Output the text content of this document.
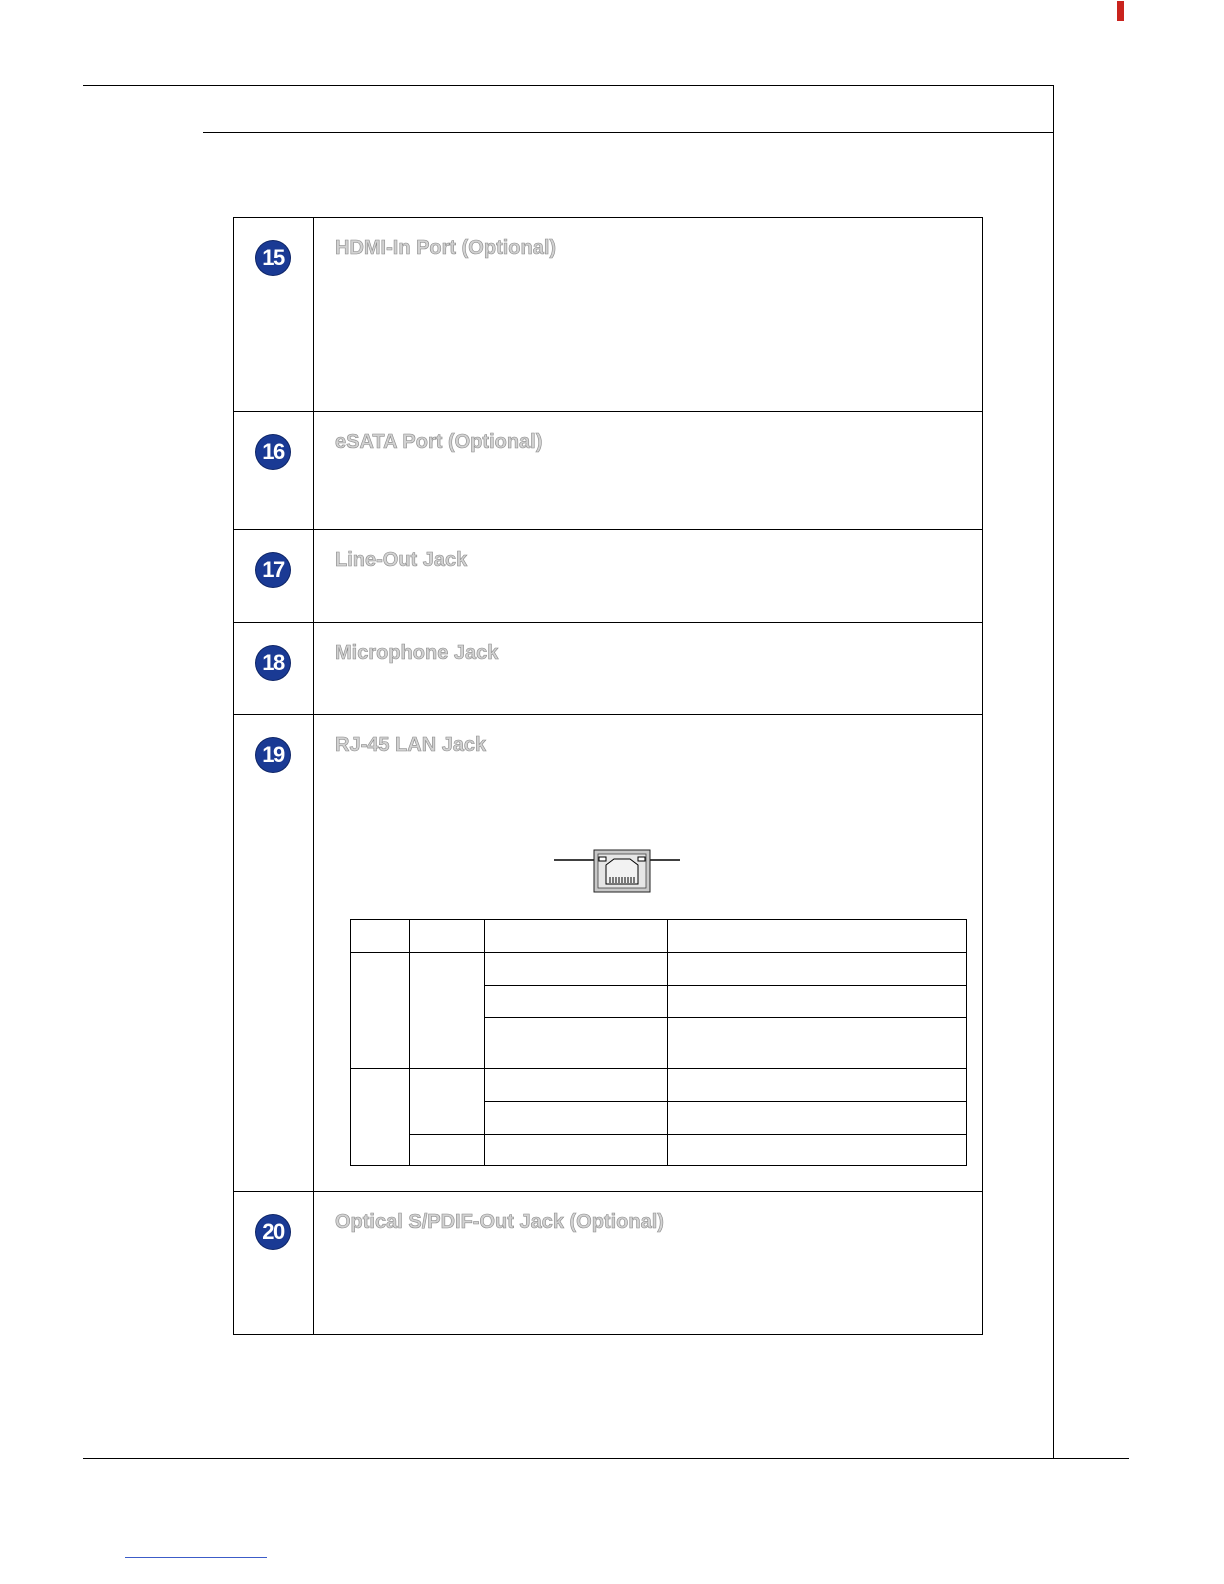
15	HDMI-In Port (Optional)

16	eSATA Port (Optional)

17	Line-Out Jack

18	Microphone Jack

19	RJ-45 LAN Jack

20	Optical S/PDIF-Out Jack (Optional)
